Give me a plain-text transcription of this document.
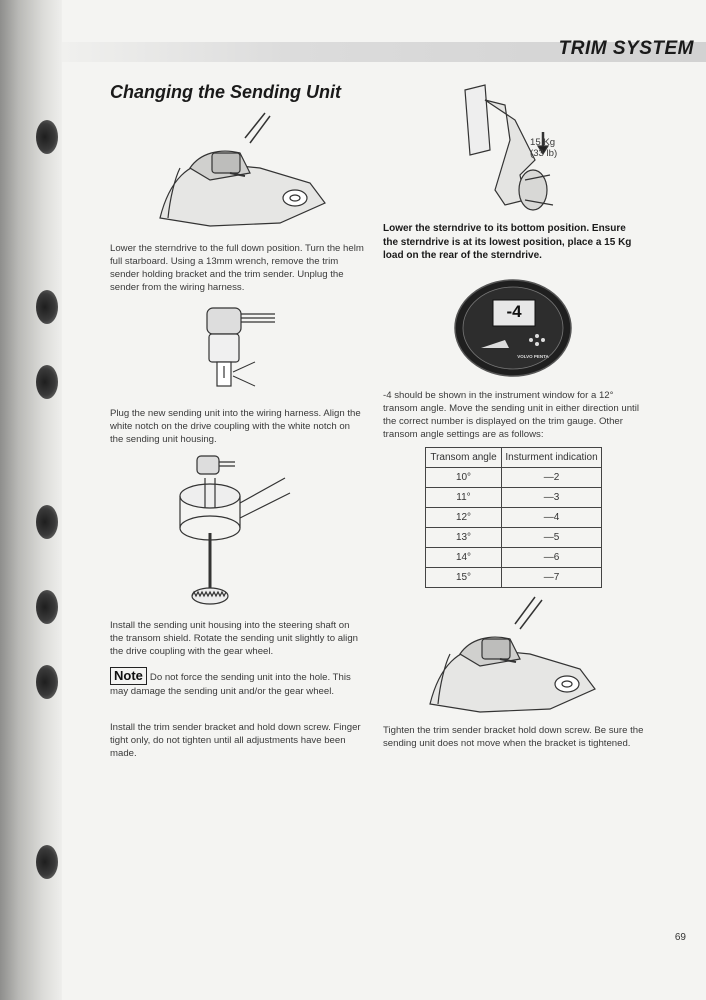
TRIM SYSTEM
Changing the Sending Unit
Lower the sterndrive to the full down position. Turn the helm full starboard. Using a 13mm wrench, remove the trim sender holding bracket and the trim sender. Unplug the sender from the wiring harness.
Plug the new sending unit into the wiring harness. Align the white notch on the drive coupling with the white notch on the sending unit housing.
Install the sending unit housing into the steering shaft on the transom shield. Rotate the sending unit slightly to align the drive coupling with the gear wheel.
Note Do not force the sending unit into the hole. This may damage the sending unit and/or the gear wheel.
Install the trim sender bracket and hold down screw. Finger tight only, do not tighten until all adjustments have been made.
15 Kg
(33 lb)
Lower the sterndrive to its bottom position. Ensure the sterndrive is at its lowest position, place a 15 Kg load on the rear of the sterndrive.
-4
VOLVO PENTA
-4 should be shown in the instrument window for a 12° transom angle. Move the sending unit in either direction until the correct number is displayed on the trim gauge. Other transom angle settings are as follows:
Transom angle	Insturment indication
10°	—2
11°	—3
12°	—4
13°	—5
14°	—6
15°	—7
Tighten the trim sender bracket hold down screw. Be sure the sending unit does not move when the bracket is tightened.
69
